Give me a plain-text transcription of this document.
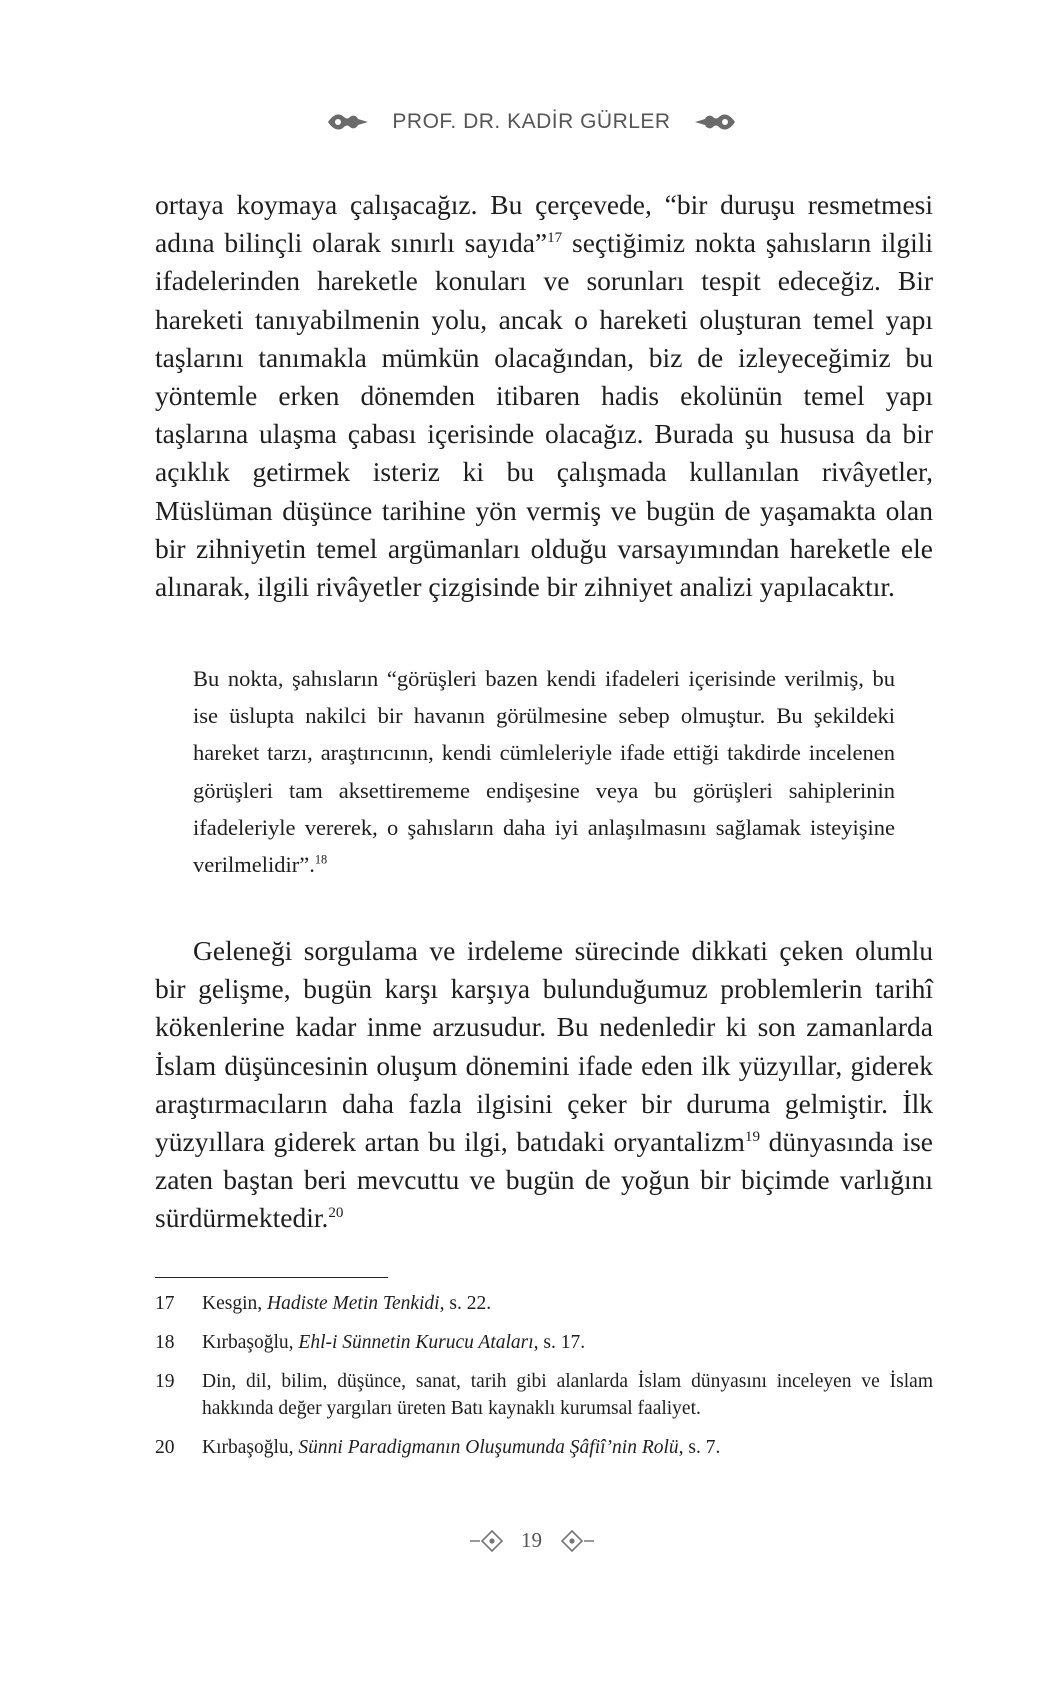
PROF. DR. KADİR GÜRLER

ortaya koymaya çalışacağız. Bu çerçevede, “bir duruşu resmetmesi adına bilinçli olarak sınırlı sayıda”$^{17}$ seçtiğimiz nokta şahısların ilgili ifadelerinden hareketle konuları ve sorunları tespit edeceğiz. Bir hareketi tanıyabilmenin yolu, ancak o hareketi oluşturan temel yapı taşlarını tanımakla mümkün olacağından, biz de izleyeceğimiz bu yöntemle erken dönemden itibaren hadis ekolünün temel yapı taşlarına ulaşma çabası içerisinde olacağız. Burada şu hususa da bir açıklık getirmek isteriz ki bu çalışmada kullanılan rivâyetler, Müslüman düşünce tarihine yön vermiş ve bugün de yaşamakta olan bir zihniyetin temel argümanları olduğu varsayımından hareketle ele alınarak, ilgili rivâyetler çizgisinde bir zihniyet analizi yapılacaktır.

Bu nokta, şahısların “görüşleri bazen kendi ifadeleri içerisinde verilmiş, bu ise üslupta nakilci bir havanın görülmesine sebep olmuştur. Bu şekildeki hareket tarzı, araştırıcının, kendi cümleleriyle ifade ettiği takdirde incelenen görüşleri tam aksettirememe endişesine veya bu görüşleri sahiplerinin ifadeleriyle vererek, o şahısların daha iyi anlaşılmasını sağlamak isteyişine verilmelidir”.$^{18}$

Geleneği sorgulama ve irdeleme sürecinde dikkati çeken olumlu bir gelişme, bugün karşı karşıya bulunduğumuz problemlerin tarihî kökenlerine kadar inme arzusudur. Bu nedenledir ki son zamanlarda İslam düşüncesinin oluşum dönemini ifade eden ilk yüzyıllar, giderek araştırmacıların daha fazla ilgisini çeker bir duruma gelmiştir. İlk yüzyıllara giderek artan bu ilgi, batıdaki oryantalizm$^{19}$ dünyasında ise zaten baştan beri mevcuttu ve bugün de yoğun bir biçimde varlığını sürdürmektedir.$^{20}$

17	Kesgin, Hadiste Metin Tenkidi, s. 22.
18	Kırbaşoğlu, Ehl-i Sünnetin Kurucu Ataları, s. 17.
19	Din, dil, bilim, düşünce, sanat, tarih gibi alanlarda İslam dünyasını inceleyen ve İslam hakkında değer yargıları üreten Batı kaynaklı kurumsal faaliyet.
20	Kırbaşoğlu, Sünni Paradigmanın Oluşumunda Şâfiî’nin Rolü, s. 7.
19
